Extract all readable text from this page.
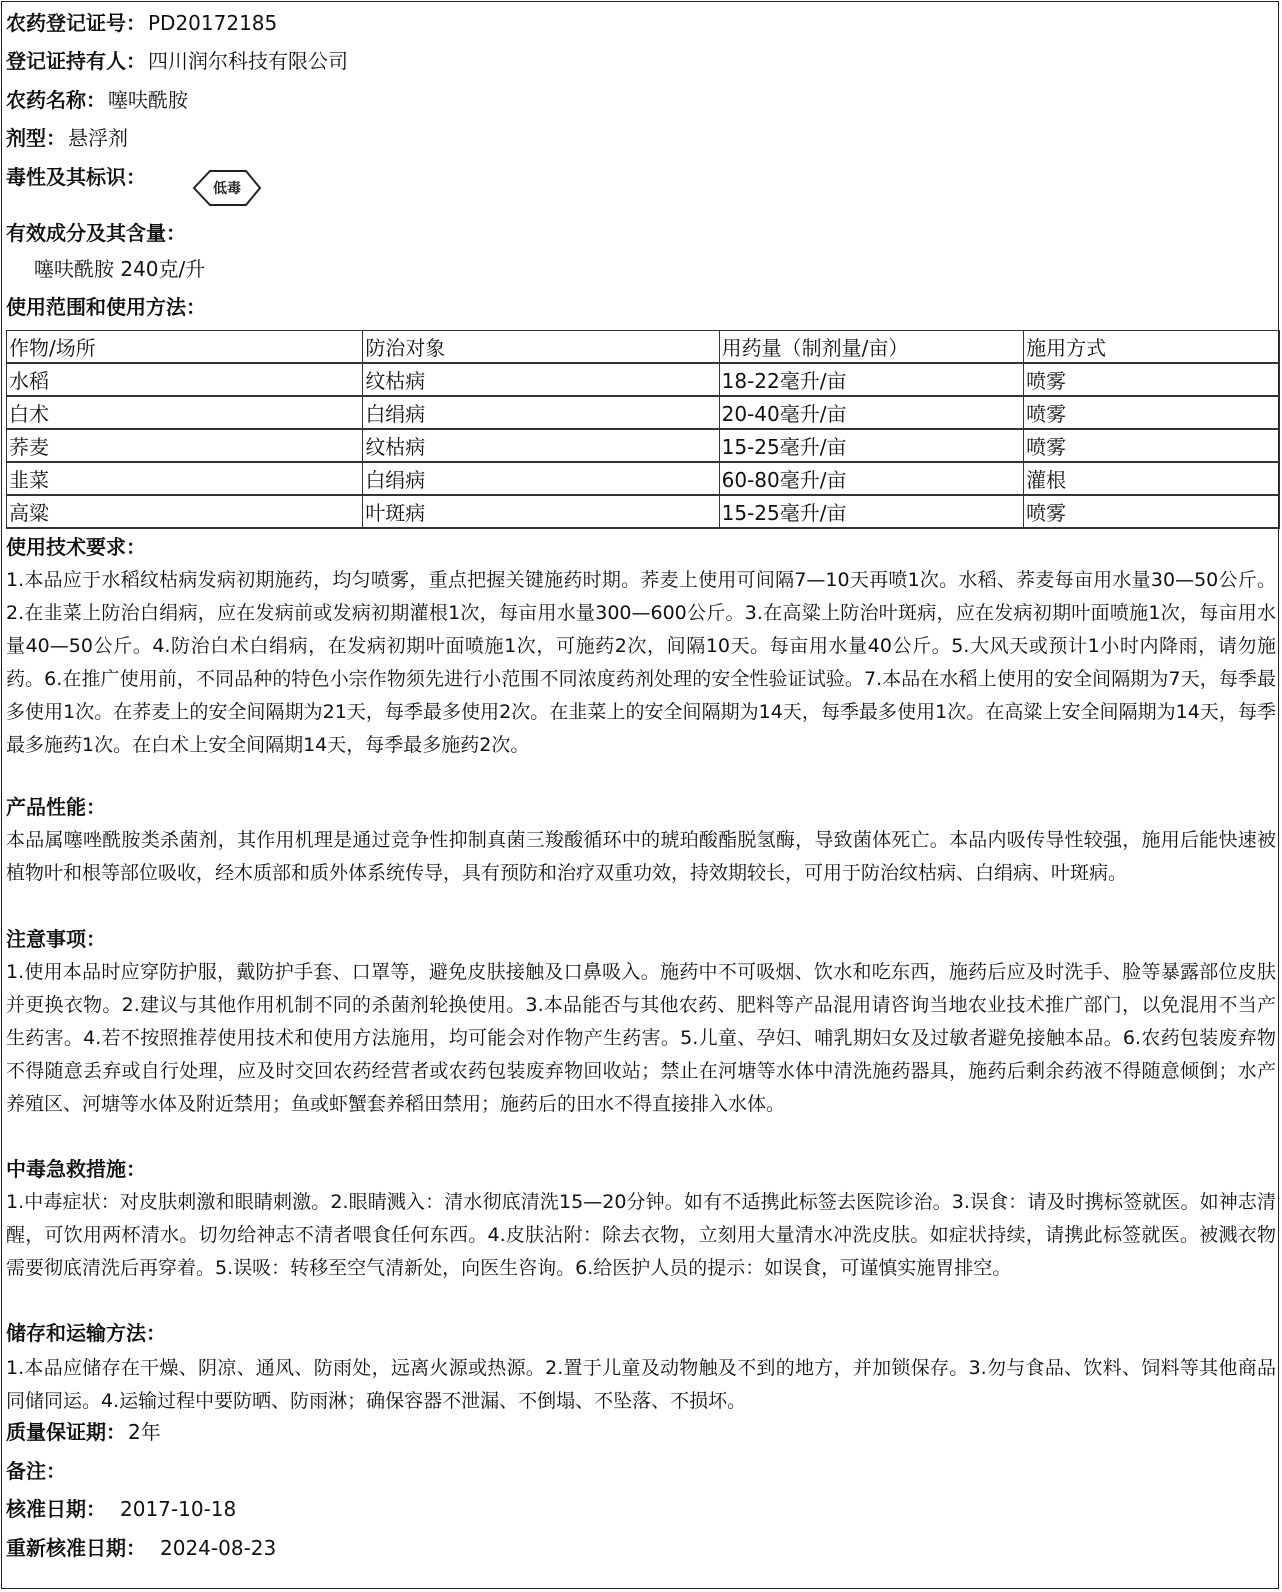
农药登记证号： PD20172185
登记证持有人： 四川润尔科技有限公司
农药名称： 噻呋酰胺
剂型： 悬浮剂
毒性及其标识：	低毒
有效成分及其含量：
噻呋酰胺 240克/升
使用范围和使用方法：
作物/场所	防治对象	用药量（制剂量/亩）	施用方式
水稻	纹枯病	18-22毫升/亩	喷雾
白术	白绢病	20-40毫升/亩	喷雾
荞麦	纹枯病	15-25毫升/亩	喷雾
韭菜	白绢病	60-80毫升/亩	灌根
高粱	叶斑病	15-25毫升/亩	喷雾
使用技术要求：
1.本品应于水稻纹枯病发病初期施药，均匀喷雾，重点把握关键施药时期。荞麦上使用可间隔7—10天再喷1次。水稻、荞麦每亩用水量30—50公斤。2.在韭菜上防治白绢病，应在发病前或发病初期灌根1次，每亩用水量300—600公斤。3.在高粱上防治叶斑病，应在发病初期叶面喷施1次，每亩用水量40—50公斤。4.防治白术白绢病，在发病初期叶面喷施1次，可施药2次，间隔10天。每亩用水量40公斤。5.大风天或预计1小时内降雨，请勿施药。6.在推广使用前，不同品种的特色小宗作物须先进行小范围不同浓度药剂处理的安全性验证试验。7.本品在水稻上使用的安全间隔期为7天，每季最多使用1次。在荞麦上的安全间隔期为21天，每季最多使用2次。在韭菜上的安全间隔期为14天，每季最多使用1次。在高粱上安全间隔期为14天，每季最多施药1次。在白术上安全间隔期14天，每季最多施药2次。
产品性能：
本品属噻唑酰胺类杀菌剂，其作用机理是通过竞争性抑制真菌三羧酸循环中的琥珀酸酯脱氢酶，导致菌体死亡。本品内吸传导性较强，施用后能快速被植物叶和根等部位吸收，经木质部和质外体系统传导，具有预防和治疗双重功效，持效期较长，可用于防治纹枯病、白绢病、叶斑病。
注意事项：
1.使用本品时应穿防护服，戴防护手套、口罩等，避免皮肤接触及口鼻吸入。施药中不可吸烟、饮水和吃东西，施药后应及时洗手、脸等暴露部位皮肤并更换衣物。2.建议与其他作用机制不同的杀菌剂轮换使用。3.本品能否与其他农药、肥料等产品混用请咨询当地农业技术推广部门，以免混用不当产生药害。4.若不按照推荐使用技术和使用方法施用，均可能会对作物产生药害。5.儿童、孕妇、哺乳期妇女及过敏者避免接触本品。6.农药包装废弃物不得随意丢弃或自行处理，应及时交回农药经营者或农药包装废弃物回收站；禁止在河塘等水体中清洗施药器具，施药后剩余药液不得随意倾倒；水产养殖区、河塘等水体及附近禁用；鱼或虾蟹套养稻田禁用；施药后的田水不得直接排入水体。
中毒急救措施：
1.中毒症状：对皮肤刺激和眼睛刺激。2.眼睛溅入：清水彻底清洗15—20分钟。如有不适携此标签去医院诊治。3.误食：请及时携标签就医。如神志清醒，可饮用两杯清水。切勿给神志不清者喂食任何东西。4.皮肤沾附：除去衣物，立刻用大量清水冲洗皮肤。如症状持续，请携此标签就医。被溅衣物需要彻底清洗后再穿着。5.误吸：转移至空气清新处，向医生咨询。6.给医护人员的提示：如误食，可谨慎实施胃排空。
储存和运输方法：
1.本品应储存在干燥、阴凉、通风、防雨处，远离火源或热源。2.置于儿童及动物触及不到的地方，并加锁保存。3.勿与食品、饮料、饲料等其他商品同储同运。4.运输过程中要防晒、防雨淋；确保容器不泄漏、不倒塌、不坠落、不损坏。
质量保证期： 2年
备注：
核准日期： 2017-10-18
重新核准日期： 2024-08-23
